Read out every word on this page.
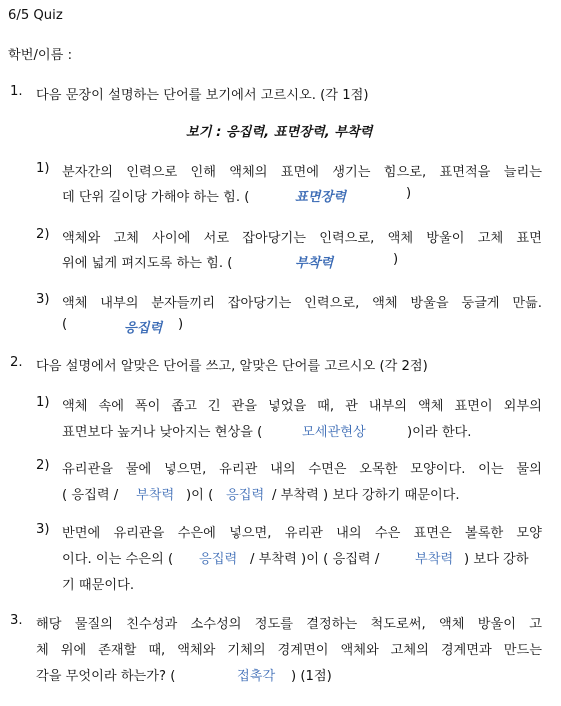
6/5 Quiz
학번/이름 :
1. 다음 문장이 설명하는 단어를 보기에서 고르시오. (각 1점)
보기 : 응집력, 표면장력, 부착력
1) 분자간의 인력으로 인해 액체의 표면에 생기는 힘으로, 표면적을 늘리는
데 단위 길이당 가해야 하는 힘. (	표면장력	)
2) 액체와 고체 사이에 서로 잡아당기는 인력으로, 액체 방울이 고체 표면
위에 넓게 펴지도록 하는 힘. (	부착력	)
3) 액체 내부의 분자들끼리 잡아당기는 인력으로, 액체 방울을 둥글게 만듦.
(	응집력 )
2. 다음 설명에서 알맞은 단어를 쓰고, 알맞은 단어를 고르시오 (각 2점)
1) 액체 속에 폭이 좁고 긴 관을 넣었을 때, 관 내부의 액체 표면이 외부의
표면보다 높거나 낮아지는 현상을 (	모세관현상	)이라 한다.
2) 유리관을 물에 넣으면, 유리관 내의 수면은 오목한 모양이다. 이는 물의
( 응집력 / 부착력 )이 ( 응집력 / 부착력 ) 보다 강하기 때문이다.
3) 반면에 유리관을 수은에 넣으면, 유리관 내의 수은 표면은 볼록한 모양
이다. 이는 수은의 ( 응집력 / 부착력 )이 ( 응집력 /	부착력 ) 보다 강하
기 때문이다.
3. 해당 물질의 친수성과 소수성의 정도를 결정하는 척도로써, 액체 방울이 고
체 위에 존재할 때, 액체와 기체의 경계면이 액체와 고체의 경계면과 만드는
각을 무엇이라 하는가? (	접촉각 ) (1점)
